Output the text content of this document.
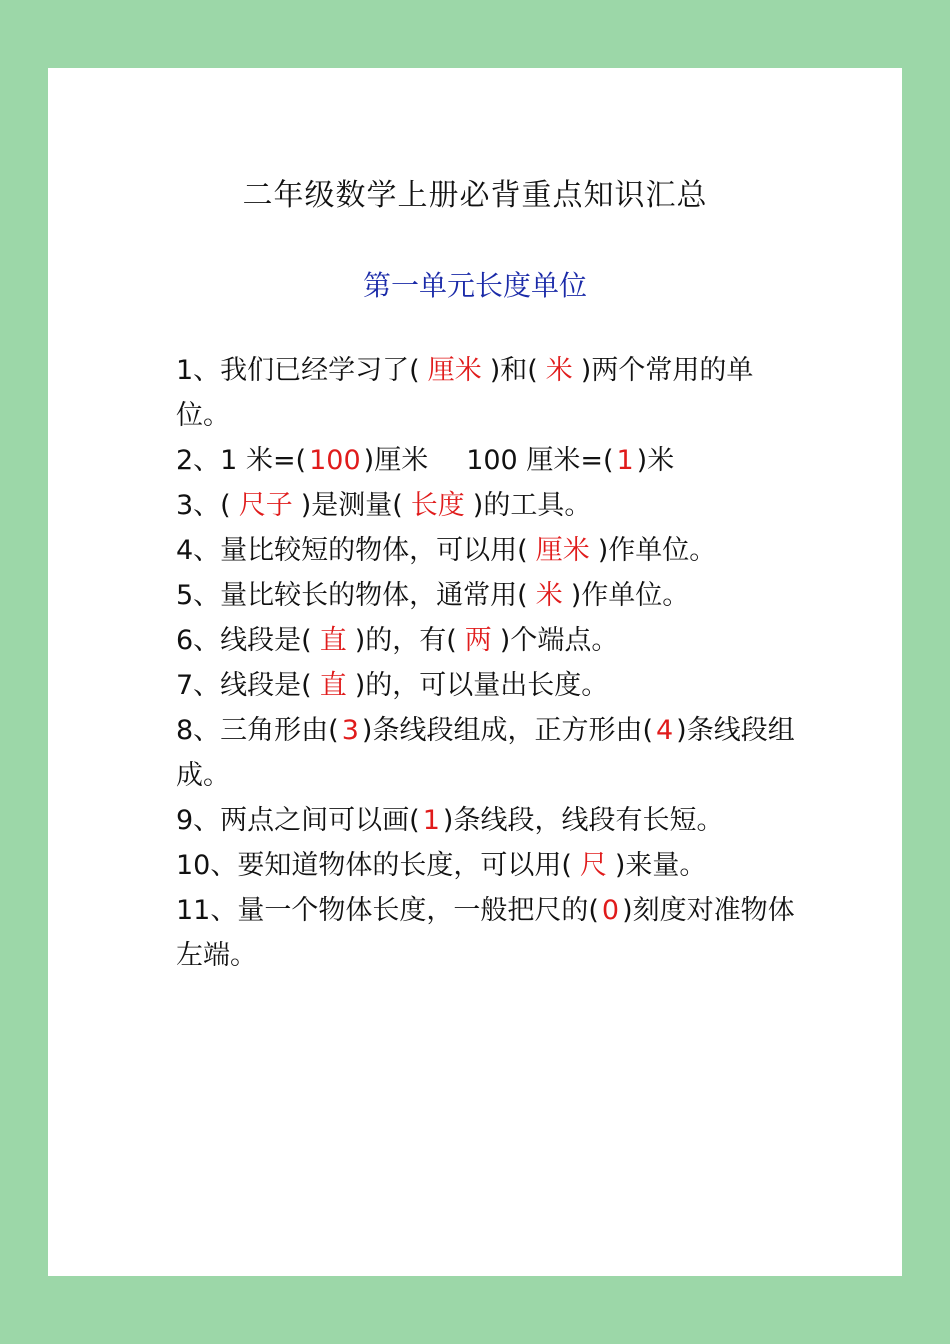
二年级数学上册必背重点知识汇总
第一单元长度单位

1、我们已经学习了( 厘米 )和( 米 )两个常用的单位。

2、1 米=( 100 )厘米 100 厘米=( 1 )米

3、( 尺子 )是测量( 长度 )的工具。

4、量比较短的物体，可以用( 厘米 )作单位。

5、量比较长的物体，通常用( 米 )作单位。

6、线段是( 直 )的，有( 两 )个端点。

7、线段是( 直 )的，可以量出长度。

8、三角形由( 3 )条线段组成，正方形由( 4 )条线段组成。

9、两点之间可以画( 1 )条线段，线段有长短。

10、要知道物体的长度，可以用( 尺 )来量。

11、量一个物体长度，一般把尺的( 0 )刻度对准物体左端。
